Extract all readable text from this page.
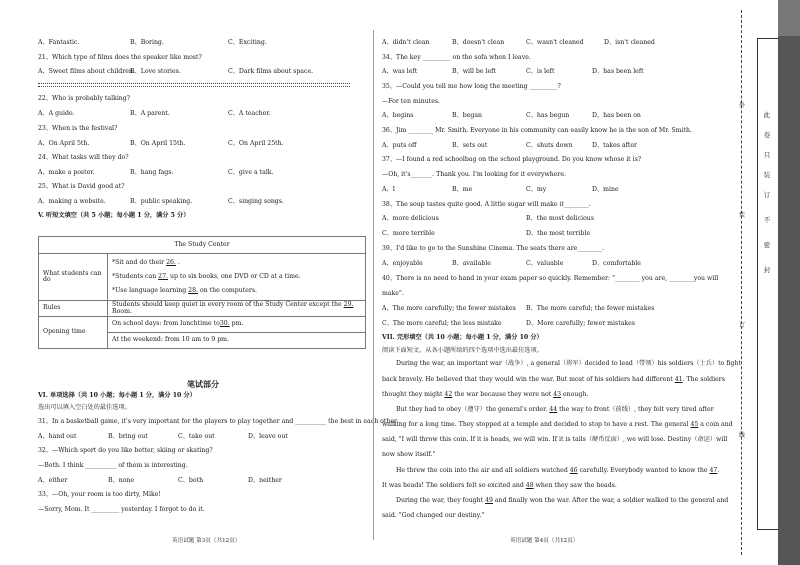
A、Fantastic.	B、Boring.	C、Exciting.
21、Which type of films does the speaker like most?
A、Sweet films about children.
B、Love stories.	C、Dark films about space.
22、Who is probably talking?
A、A guide.	B、A parent.	C、A teacher.
23、When is the festival?
A、On April 5th.	B、On April 15th.	C、On April 25th.
24、What tasks will they do?
A、make a poster.	B、hang fags.	C、give a talk.
25、What is David good at?
A、making a website.	B、public speaking.	C、singing songs.
V. 听短文填空（共 5 小题；每小题 1 分，满分 5 分）
The Study Center	
What students can do	*Sit and do their 26. .
*Students can 27. up to six books, one DVD or CD at a time.
*Use language learning 28. on the computers.

Rules	Students should keep quiet in every room of the Study Center except the 29. Room.
Opening time	On school days: from lunchtime to30. pm.
	At the weekend: from 10 am to 9 pm.
笔试部分
VI. 单项选择（共 10 小题；每小题 1 分，满分 10 分）
选出可以填入空白处的最佳选项。
31、In a basketball game, it's very important for the players to play together and __________ the best in each other.
A、hand out	B、bring out	C、take out	D、leave out
32、—Which sport do you like better, skiing or skating?
—Both. I think __________ of them is interesting.
A、either	B、none	C、both	D、neither
33、—Oh, your room is too dirty, Mike!
—Sorry, Mom. It _________ yesterday. I forgot to do it.
英语试题 第3页（共12页）
A、didn't clean	B、doesn't clean	C、wasn't cleaned	D、isn't cleaned
34、The key _________ on the sofa when I leave.
A、was left	B、will be left	C、is left	D、has been left
35、—Could you tell me how long the meeting _________?
—For ten minutes.
A、begins	B、began	C、has begun	D、has been on
36、Jim ________ Mr. Smith. Everyone in his community can easily know he is the son of Mr. Smith.
A、puts off	B、sets out	C、shuts down	D、takes after
37、—I found a red schoolbag on the school playground. Do you know whose it is?
—Oh, it's_______. Thank you. I'm looking for it everywhere.
A、I	B、me	C、my	D、mine
38、The soup tastes quite good. A little sugar will make it________.
A、more delicious	B、the most delicious
C、more terrible	D、the most terrible
39、I'd like to go to the Sunshine Cinema. The seats there are________.
A、enjoyable	B、available	C、valuable	D、comfortable
40、There is no need to hand in your exam paper so quickly. Remember: "________ you are, ________you will
make".
A、The more carefully; the fewer mistakes B、The more careful; the fewer mistakes
C、The more careful; the less mistake	D、More carefully; fewer mistakes
VII. 完形填空（共 10 小题；每小题 1 分，满分 10 分）
阅读下面短文，从各小题所给的四个选项中选出最佳选项。
During the war, an important war（战争）, a general（将军）decided to lead（带领）his soldiers（士兵）to fight
back bravely. He believed that they would win the war. But most of his soldiers had different 41. The soldiers
thought they might 42 the war because they were not 43 enough.
But they had to obey（遵守）the general's order. 44 the way to front（前线）, they felt very tired after
walking for a long time. They stopped at a temple and decided to stop to have a rest. The general 45 a coin and
said, "I will throw this coin. If it is heads, we will win. If it is tails（硬币反面）, we will lose. Destiny（命运）will
now show itself."
He threw the coin into the air and all soldiers watched 46 carefully. Everybody wanted to know the 47.
It was heads! The soldiers felt so excited and 48 when they saw the heads.
During the war, they fought 49 and finally won the war. After the war, a soldier walked to the general and
said. "God changed our destiny."
英语试题 第4页（共12页）
外
装
订
线
此
卷
只
装
订
不
密
封
